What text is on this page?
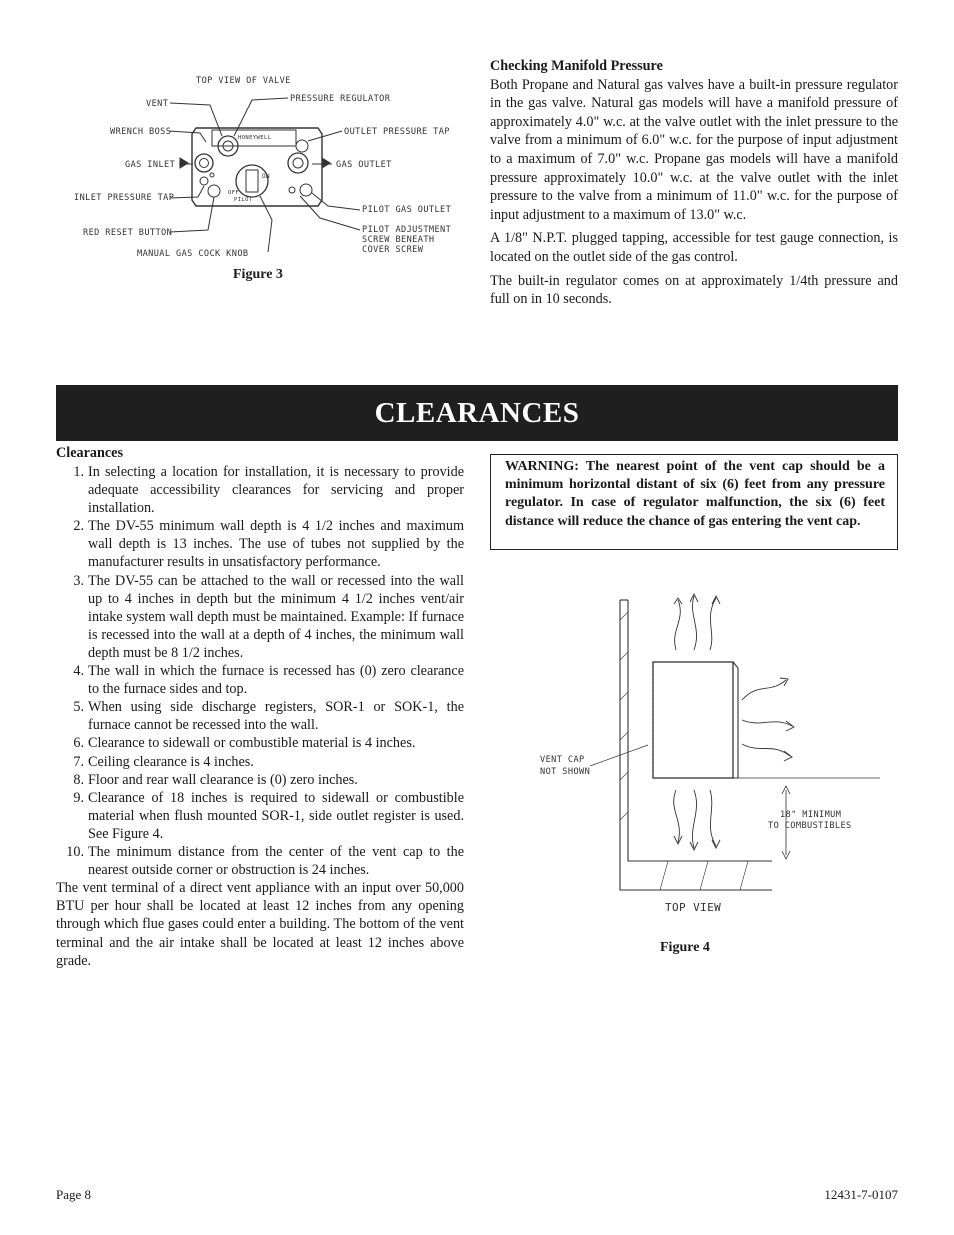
TOP VIEW OF VALVE
VENT	PRESSURE REGULATOR
WRENCH BOSS	OUTLET PRESSURE TAP
GAS INLET	GAS OUTLET
INLET PRESSURE TAP
PILOT GAS OUTLET
RED RESET BUTTON	PILOT ADJUSTMENT
SCREW BENEATH
COVER SCREW
MANUAL GAS COCK KNOB
HONEYWELL
ON
OFF
PILOT
Figure 3

Checking Manifold Pressure

Both Propane and Natural gas valves have a built-in pressure regulator in the gas valve. Natural gas models will have a manifold pressure of approximately 4.0" w.c. at the valve outlet with the inlet pressure to the valve from a minimum of 6.0" w.c. for the purpose of input adjustment to a maximum of 7.0" w.c. Propane gas models will have a manifold pressure approximately 10.0" w.c. at the valve outlet with the inlet pressure to the valve from a minimum of 11.0" w.c. for the purpose of input adjustment to a maximum of 13.0" w.c.

A 1/8" N.P.T. plugged tapping, accessible for test gauge connection, is located on the outlet side of the gas control.

The built-in regulator comes on at approximately 1/4th pressure and full on in 10 seconds.

CLEARANCES
Clearances
1. In selecting a location for installation, it is necessary to provide adequate accessibility clearances for servicing and proper installation.
2. The DV-55 minimum wall depth is 4 1/2 inches and maximum wall depth is 13 inches. The use of tubes not supplied by the manufacturer results in unsatisfactory performance.
3. The DV-55 can be attached to the wall or recessed into the wall up to 4 inches in depth but the minimum 4 1/2 inches vent/air intake system wall depth must be maintained. Example: If furnace is recessed into the wall at a depth of 4 inches, the minimum wall depth must be 8 1/2 inches.
4. The wall in which the furnace is recessed has (0) zero clearance to the furnace sides and top.
5. When using side discharge registers, SOR-1 or SOK-1, the furnace cannot be recessed into the wall.
6. Clearance to sidewall or combustible material is 4 inches.
7. Ceiling clearance is 4 inches.
8. Floor and rear wall clearance is (0) zero inches.
9. Clearance of 18 inches is required to sidewall or combustible material when flush mounted SOR-1, side outlet register is used. See Figure 4.
10. The minimum distance from the center of the vent cap to the nearest outside corner or obstruction is 24 inches.
WARNING: The nearest point of the vent cap should be a minimum horizontal distant of six (6) feet from any pressure regulator. In case of regulator malfunction, the six (6) feet distance will reduce the chance of gas entering the vent cap.
VENT CAP
NOT SHOWN
18" MINIMUM
TO COMBUSTIBLES
TOP VIEW
Figure 4

The vent terminal of a direct vent appliance with an input over 50,000 BTU per hour shall be located at least 12 inches from any opening through which flue gases could enter a building. The bottom of the vent terminal and the air intake shall be located at least 12 inches above grade.

Page 8	12431-7-0107
